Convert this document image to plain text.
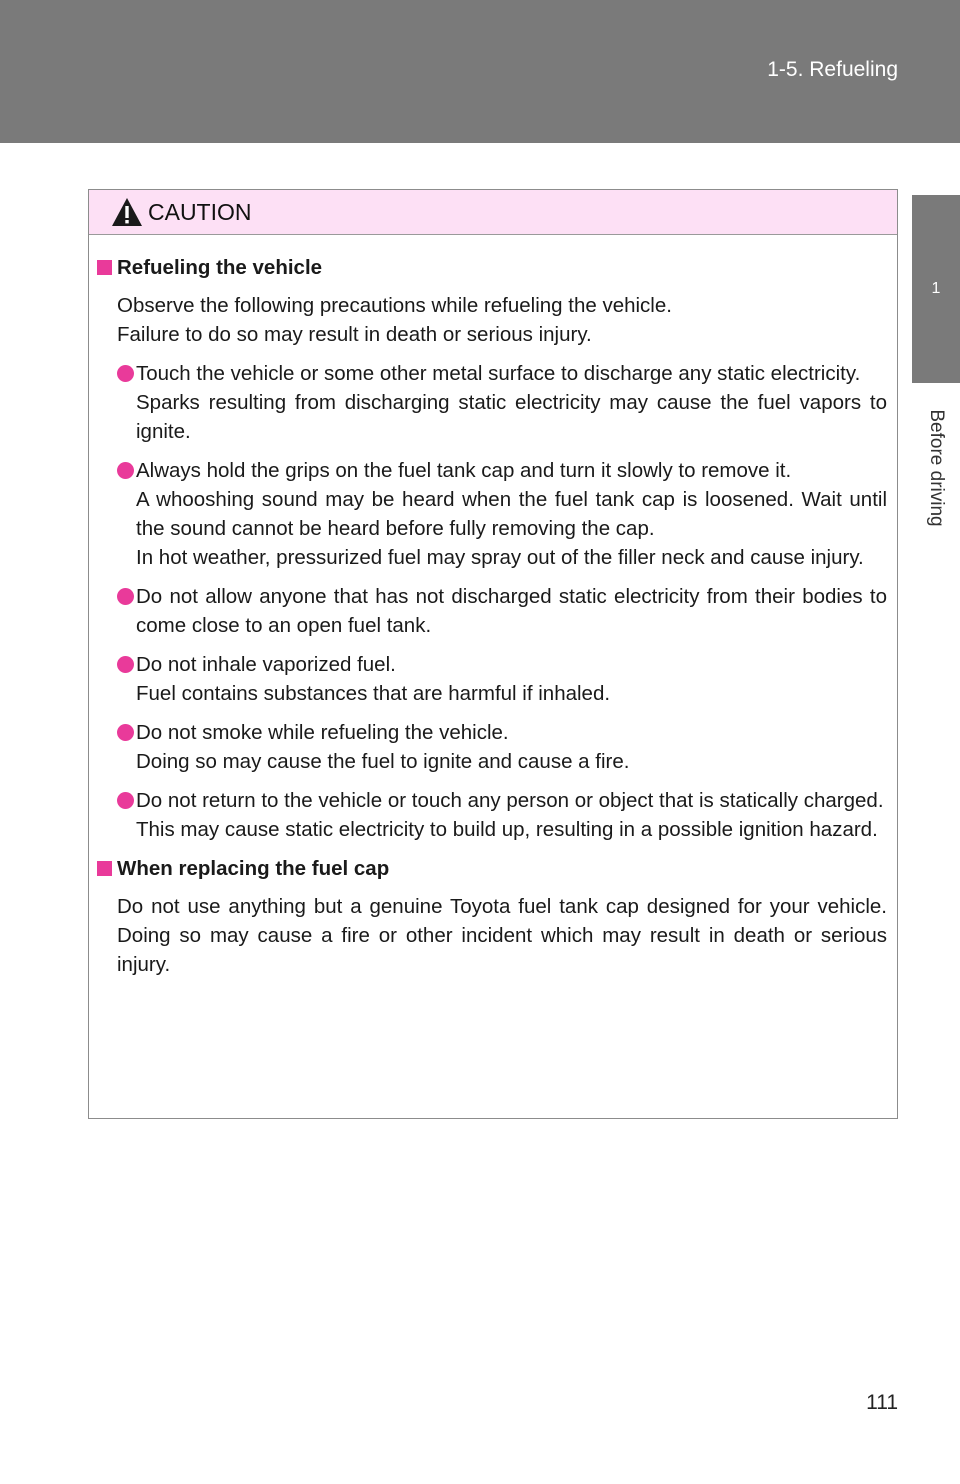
1-5. Refueling
1
Before driving
CAUTION
Refueling the vehicle
Observe the following precautions while refueling the vehicle.
Failure to do so may result in death or serious injury.

Touch the vehicle or some other metal surface to discharge any static electricity.

Sparks resulting from discharging static electricity may cause the fuel vapors to ignite.

Always hold the grips on the fuel tank cap and turn it slowly to remove it.

A whooshing sound may be heard when the fuel tank cap is loosened. Wait until the sound cannot be heard before fully removing the cap.

In hot weather, pressurized fuel may spray out of the filler neck and cause injury.

Do not allow anyone that has not discharged static electricity from their bodies to come close to an open fuel tank.

Do not inhale vaporized fuel.

Fuel contains substances that are harmful if inhaled.

Do not smoke while refueling the vehicle.

Doing so may cause the fuel to ignite and cause a fire.

Do not return to the vehicle or touch any person or object that is statically charged.

This may cause static electricity to build up, resulting in a possible ignition hazard.

When replacing the fuel cap
Do not use anything but a genuine Toyota fuel tank cap designed for your vehicle. Doing so may cause a fire or other incident which may result in death or serious injury.
111
